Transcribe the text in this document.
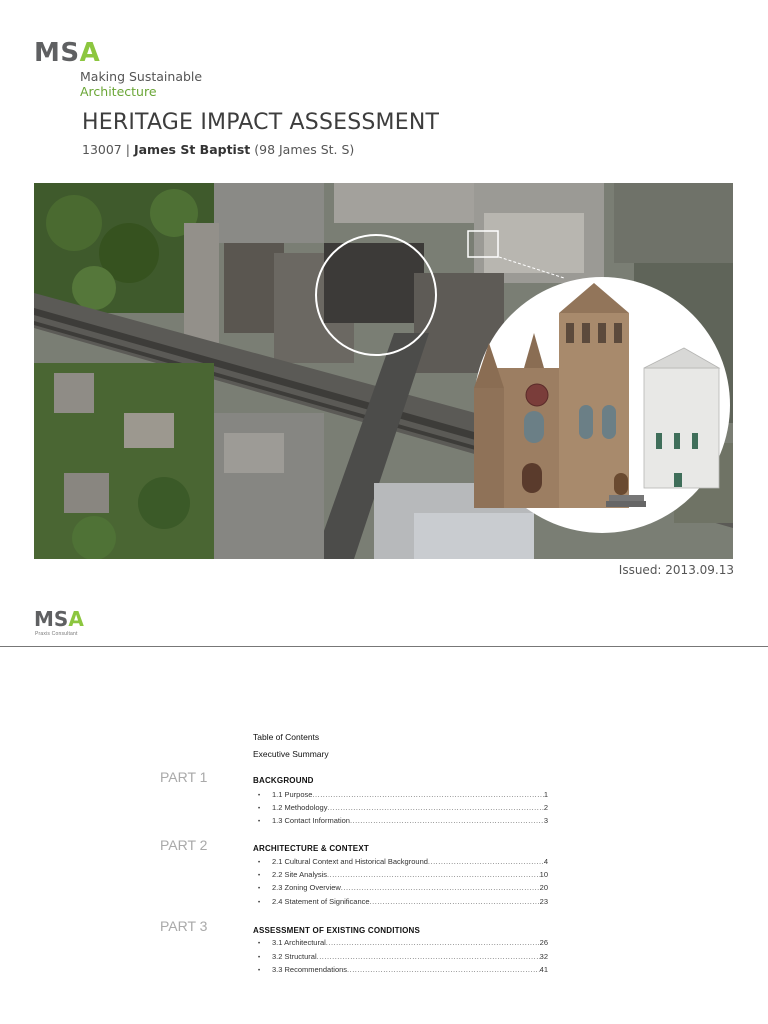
MSA
Making Sustainable
Architecture
HERITAGE IMPACT ASSESSMENT
13007 | James St Baptist (98 James St. S)
Issued: 2013.09.13
MSA
Praxis Consultant
Table of Contents
Executive Summary
PART 1	BACKGROUND
•	1.1 Purpose .....	1
•	1.2 Methodology .....	2
•	1.3 Contact Information .....	3
PART 2	ARCHITECTURE & CONTEXT
•	2.1 Cultural Context and Historical Background .....	4
•	2.2 Site Analysis .....	10
•	2.3 Zoning Overview .....	20
•	2.4 Statement of Significance .....	23
PART 3	ASSESSMENT OF EXISTING CONDITIONS
•	3.1 Architectural .....	26
•	3.2 Structural .....	32
•	3.3 Recommendations .....	41
